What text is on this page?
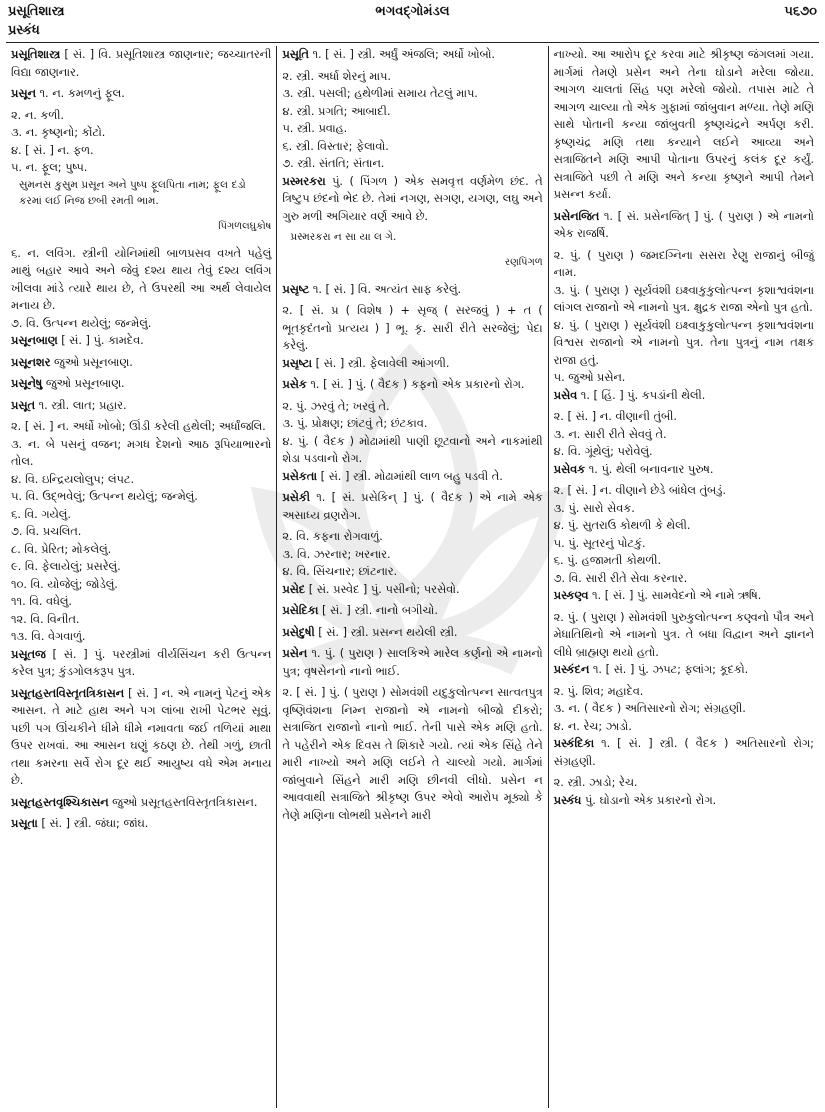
પ્રસૂતિશાસ્ત્ર
પ્રસ્કંધ
ભગવદ્ગોમંડલ	૫૬૭૦

પ્રસૂતિશાસ્ત્ર [ સં. ] વિ. પ્રસૂતિશાસ્ત્ર જાણનાર; જચ્ચાતરની વિદ્યા જાણનાર.

પ્રસૂન ૧. ન. કમળનું ફૂલ.

૨. ન. કળી.

૩. ન. કૃષ્ણનો; કોંટો.

૪. [ સં. ] ન. ફળ.

૫. ન. ફૂલ; પુષ્પ.

સુમનસ કુસુમ પ્રસૂન અને પુષ્પ ફૂલપિતા નામ; ફૂલ દડો કરમાં લઈ નિજ છબી રમતી ભામ.

પિંગળલઘુકોષ

૬. ન. લવિંગ. સ્ત્રીની યોનિમાંથી બાળપ્રસવ વખતે પહેલું માથું બહાર આવે અને જેવું દશ્ય થાય તેવું દશ્ય લવિંગ ખીલવા માંડે ત્યારે થાય છે, તે ઉપરથી આ અર્થ લેવાયેલ મનાય છે.

૭. વિ. ઉત્પન્ન થયેલું; જન્મેલું.

પ્રસૂનબાણ [ સં. ] પું. કામદેવ.

પ્રસૂનશર જુઓ પ્રસૂનબાણ.

પ્રસૂનેષુ જુઓ પ્રસૂનબાણ.

પ્રસૂત ૧. સ્ત્રી. લાત; પ્રહાર.

૨. [ સં. ] ન. અર્ધો ખોબો; ઊંડી કરેલી હથેલી; અર્ધાંજલિ.

૩. ન. બે પસનું વજન; મગધ દેશનો આઠ રૂપિયાભારનો તોલ.

૪. વિ. ઇન્દ્રિયલોલુપ; લંપટ.

૫. વિ. ઉદ્ભવેલું; ઉત્પન્ન થયેલું; જન્મેલું.

૬. વિ. ગયેલું.

૭. વિ. પ્રચલિત.

૮. વિ. પ્રેરિત; મોકલેલું.

૯. વિ. ફેલાયેલું; પ્રસરેલું.

૧૦. વિ. યોજેલું; જોડેલું.

૧૧. વિ. વધેલું.

૧૨. વિ. વિનીત.

૧૩. વિ. વેગવાળું.

પ્રસૂતજ [ સં. ] પું. પરસ્ત્રીમાં વીર્યસિંચન કરી ઉત્પન્ન કરેલ પુત્ર; કુંડગોલકરૂપ પુત્ર.

પ્રસૂતહસ્તવિસ્તૃતત્રિકાસન [ સં. ] ન. એ નામનું પેટનું એક આસન. તે માટે હાથ અને પગ લાંબા રાખી પેટભર સૂવું. પછી પગ ઊંચકીને ધીમે ધીમે નમાવતા જઈ તળિયાં માથા ઉપર રાખવાં. આ આસન ઘણું કઠણ છે. તેથી ગળું, છાતી તથા કમરના સર્વે રોગ દૂર થઈ આયુષ્ય વધે એમ મનાય છે.

પ્રસૂતહસ્તવૃશ્ચિકાસન જુઓ પ્રસૂતહસ્તવિસ્તૃતત્રિકાસન.

પ્રસૂતા [ સં. ] સ્ત્રી. જંઘા; જાંઘ.

પ્રસૂતિ ૧. [ સં. ] સ્ત્રી. અર્ધું અંજલિ; અર્ધો ખોબો.

૨. સ્ત્રી. અર્ધા શેરનું માપ.

૩. સ્ત્રી. પસલી; હથેળીમાં સમાય તેટલું માપ.

૪. સ્ત્રી. પ્રગતિ; આબાદી.

૫. સ્ત્રી. પ્રવાહ.

૬. સ્ત્રી. વિસ્તાર; ફેલાવો.

૭. સ્ત્રી. સંતતિ; સંતાન.

પ્રસ્મરકરા પું. ( પિંગળ ) એક સમવૃત્ત વર્ણમેળ છંદ. તે ત્રિષ્ટુપ છંદનો ભેદ છે. તેમાં નગણ, સગણ, યગણ, લઘુ અને ગુરુ મળી અગિયાર વર્ણ આવે છે.

પ્રસ્મરકરા ન સા યા લ ગે.

રણપિંગળ

પ્રસૃષ્ટ ૧. [ સં. ] વિ. અત્યંત સાફ કરેલું.

૨. [ સં. પ્ર ( વિશેષ ) + સૃજ્ ( સરજવું ) + ત ( ભૂતકૃદંતનો પ્રત્યય ) ] ભૂ. કૃ. સારી રીતે સરજેલું; પેદા કરેલું.

પ્રસૃષ્ટા [ સં. ] સ્ત્રી. ફેલાવેલી આંગળી.

પ્રસેક ૧. [ સં. ] પું. ( વૈદક ) કફનો એક પ્રકારનો રોગ.

૨. પું. ઝરવું તે; ખરવું તે.

૩. પું. પ્રોક્ષણ; છાંટવું તે; છંટકાવ.

૪. પું. ( વૈદક ) મોઢામાંથી પાણી છૂટવાનો અને નાકમાંથી શેડા પડવાનો રોગ.

પ્રસેકતા [ સં. ] સ્ત્રી. મોઢામાંથી લાળ બહુ પડવી તે.

પ્રસેકી ૧. [ સં. પ્રસેકિન્ ] પું. ( વૈદક ) એ નામે એક અસાધ્ય વ્રણરોગ.

૨. વિ. કફના રોગવાળું.

૩. વિ. ઝરનાર; ખરનાર.

૪. વિ. સિંચનાર; છાંટનાર.

પ્રસેદ [ સં. પ્રસ્વેદ ] પું. પસીનો; પરસેવો.

પ્રસેદિકા [ સં. ] સ્ત્રી. નાનો બગીચો.

પ્રસેદુષી [ સં. ] સ્ત્રી. પ્રસન્ન થયેલી સ્ત્રી.

પ્રસેન ૧. પું. ( પુરાણ ) સાલકિએ મારેલ કર્ણનો એ નામનો પુત્ર; વૃષસેનનો નાનો ભાઈ.

૨. [ સં. ] પું. ( પુરાણ ) સોમવંશી યદુકુલોત્પન્ન સાત્વતપુત્ર વૃષ્ણિવંશના નિમ્ન રાજાનો એ નામનો બીજો દીકરો; સત્રાજિત રાજાનો નાનો ભાઈ. તેની પાસે એક મણિ હતો. તે પહેરીને એક દિવસ તે શિકારે ગયો. ત્યાં એક સિંહે તેને મારી નાખ્યો અને મણિ લઈને તે ચાલ્યો ગયો. માર્ગમાં જાંબુવાને સિંહને મારી મણિ છીનવી લીધો. પ્રસેન ન આવવાથી સત્રાજિતે શ્રીકૃષ્ણ ઉપર એવો આરોપ મૂક્યો કે તેણે મણિના લોભથી પ્રસેનને મારી

નાખ્યો. આ આરોપ દૂર કરવા માટે શ્રીકૃષ્ણ જંગલમાં ગયા. માર્ગમાં તેમણે પ્રસેન અને તેના ઘોડાને મરેલા જોયા. આગળ ચાલતાં સિંહ પણ મરેલો જોયો. તપાસ માટે તે આગળ ચાલ્યા તો એક ગુફામાં જાંબુવાન મળ્યા. તેણે મણિ સાથે પોતાની કન્યા જાંબુવતી કૃષ્ણચંદ્રને અર્પણ કરી. કૃષ્ણચંદ્ર મણિ તથા કન્યાને લઈને આવ્યા અને સત્રાજિતને મણિ આપી પોતાના ઉપરનું કલંક દૂર કર્યું. સત્રાજિતે પછી તે મણિ અને કન્યા કૃષ્ણને આપી તેમને પ્રસન્ન કર્યા.

પ્રસેનજિત ૧. [ સં. પ્રસેનજિત્ ] પું. ( પુરાણ ) એ નામનો એક રાજર્ષિ.

૨. પું. ( પુરાણ ) જમદગ્નિના સસરા રેણુ રાજાનું બીજું નામ.

૩. પું. ( પુરાણ ) સૂર્યવંશી ઇક્ષ્વાકુકુલોત્પન્ન કૃશાશ્વવંશના લાંગલ રાજાનો એ નામનો પુત્ર. ક્ષુદ્રક રાજા એનો પુત્ર હતો.

૪. પું. ( પુરાણ ) સૂર્યવંશી ઇક્ષ્વાકુકુલોત્પન્ન કૃશાશ્વવંશના વિશ્વસ રાજાનો એ નામનો પુત્ર. તેના પુત્રનું નામ તક્ષક રાજા હતું.

૫. જુઓ પ્રસેન.

પ્રસેવ ૧. [ હિં. ] પું. કપડાંની થેલી.

૨. [ સં. ] ન. વીણાની તુંબી.

૩. ન. સારી રીતે સેવવું તે.

૪. વિ. ગૂંથેલું; પરોવેલું.

પ્રસેવક ૧. પું. થેલી બનાવનાર પુરુષ.

૨. [ સં. ] ન. વીણાને છેડે બાંધેલ તુંબડું.

૩. પું. સારો સેવક.

૪. પું. સુતરાઉ કોથળી કે થેલી.

૫. પું. સૂતરનું પોટકું.

૬. પું. હજામતી કોથળી.

૭. વિ. સારી રીતે સેવા કરનાર.

પ્રસ્કણ્વ ૧. [ સં. ] પું. સામવેદનો એ નામે ઋષિ.

૨. પું. ( પુરાણ ) સોમવંશી પુરુકુલોત્પન્ન કણ્વનો પૌત્ર અને મેધાતિથિનો એ નામનો પુત્ર. તે બધા વિદ્વાન અને જ્ઞાનને લીધે બ્રાહ્મણ થયો હતો.

પ્રસ્કંદન ૧. [ સં. ] પું. ઝપટ; ફલાંગ; કૂદકો.

૨. પું. શિવ; મહાદેવ.

૩. ન. ( વૈદક ) અતિસારનો રોગ; સંગ્રહણી.

૪. ન. રેચ; ઝાડો.

પ્રસ્કંદિકા ૧. [ સં. ] સ્ત્રી. ( વૈદક ) અતિસારનો રોગ; સંગ્રહણી.

૨. સ્ત્રી. ઝાડો; રેચ.

પ્રસ્કંધ પું. ઘોડાનો એક પ્રકારનો રોગ.
